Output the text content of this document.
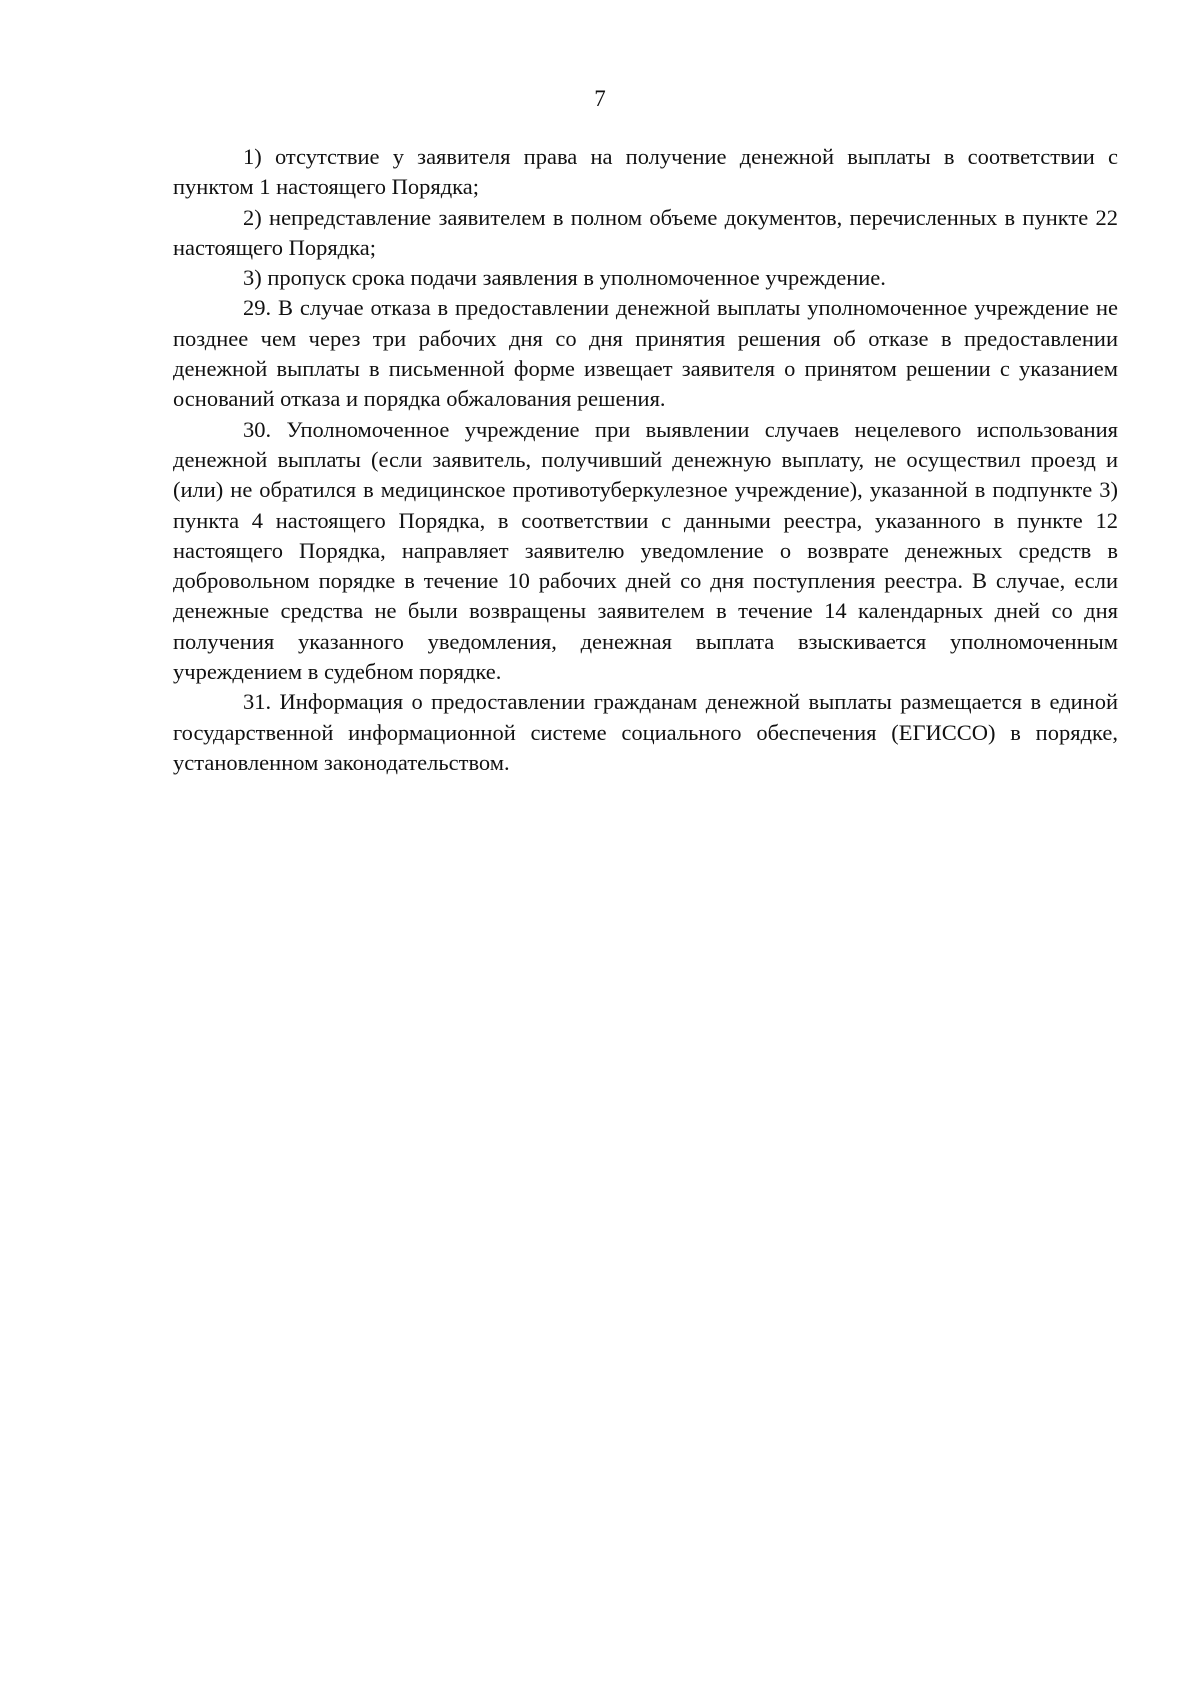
7

1) отсутствие у заявителя права на получение денежной выплаты в соответствии с пунктом 1 настоящего Порядка;

2) непредставление заявителем в полном объеме документов, перечисленных в пункте 22 настоящего Порядка;

3) пропуск срока подачи заявления в уполномоченное учреждение.

29. В случае отказа в предоставлении денежной выплаты уполномоченное учреждение не позднее чем через три рабочих дня со дня принятия решения об отказе в предоставлении денежной выплаты в письменной форме извещает заявителя о принятом решении с указанием оснований отказа и порядка обжалования решения.

30. Уполномоченное учреждение при выявлении случаев нецелевого использования денежной выплаты (если заявитель, получивший денежную выплату, не осуществил проезд и (или) не обратился в медицинское противотуберкулезное учреждение), указанной в подпункте 3) пункта 4 настоящего Порядка, в соответствии с данными реестра, указанного в пункте 12 настоящего Порядка, направляет заявителю уведомление о возврате денежных средств в добровольном порядке в течение 10 рабочих дней со дня поступления реестра. В случае, если денежные средства не были возвращены заявителем в течение 14 календарных дней со дня получения указанного уведомления, денежная выплата взыскивается уполномоченным учреждением в судебном порядке.

31. Информация о предоставлении гражданам денежной выплаты размещается в единой государственной информационной системе социального обеспечения (ЕГИССО) в порядке, установленном законодательством.
